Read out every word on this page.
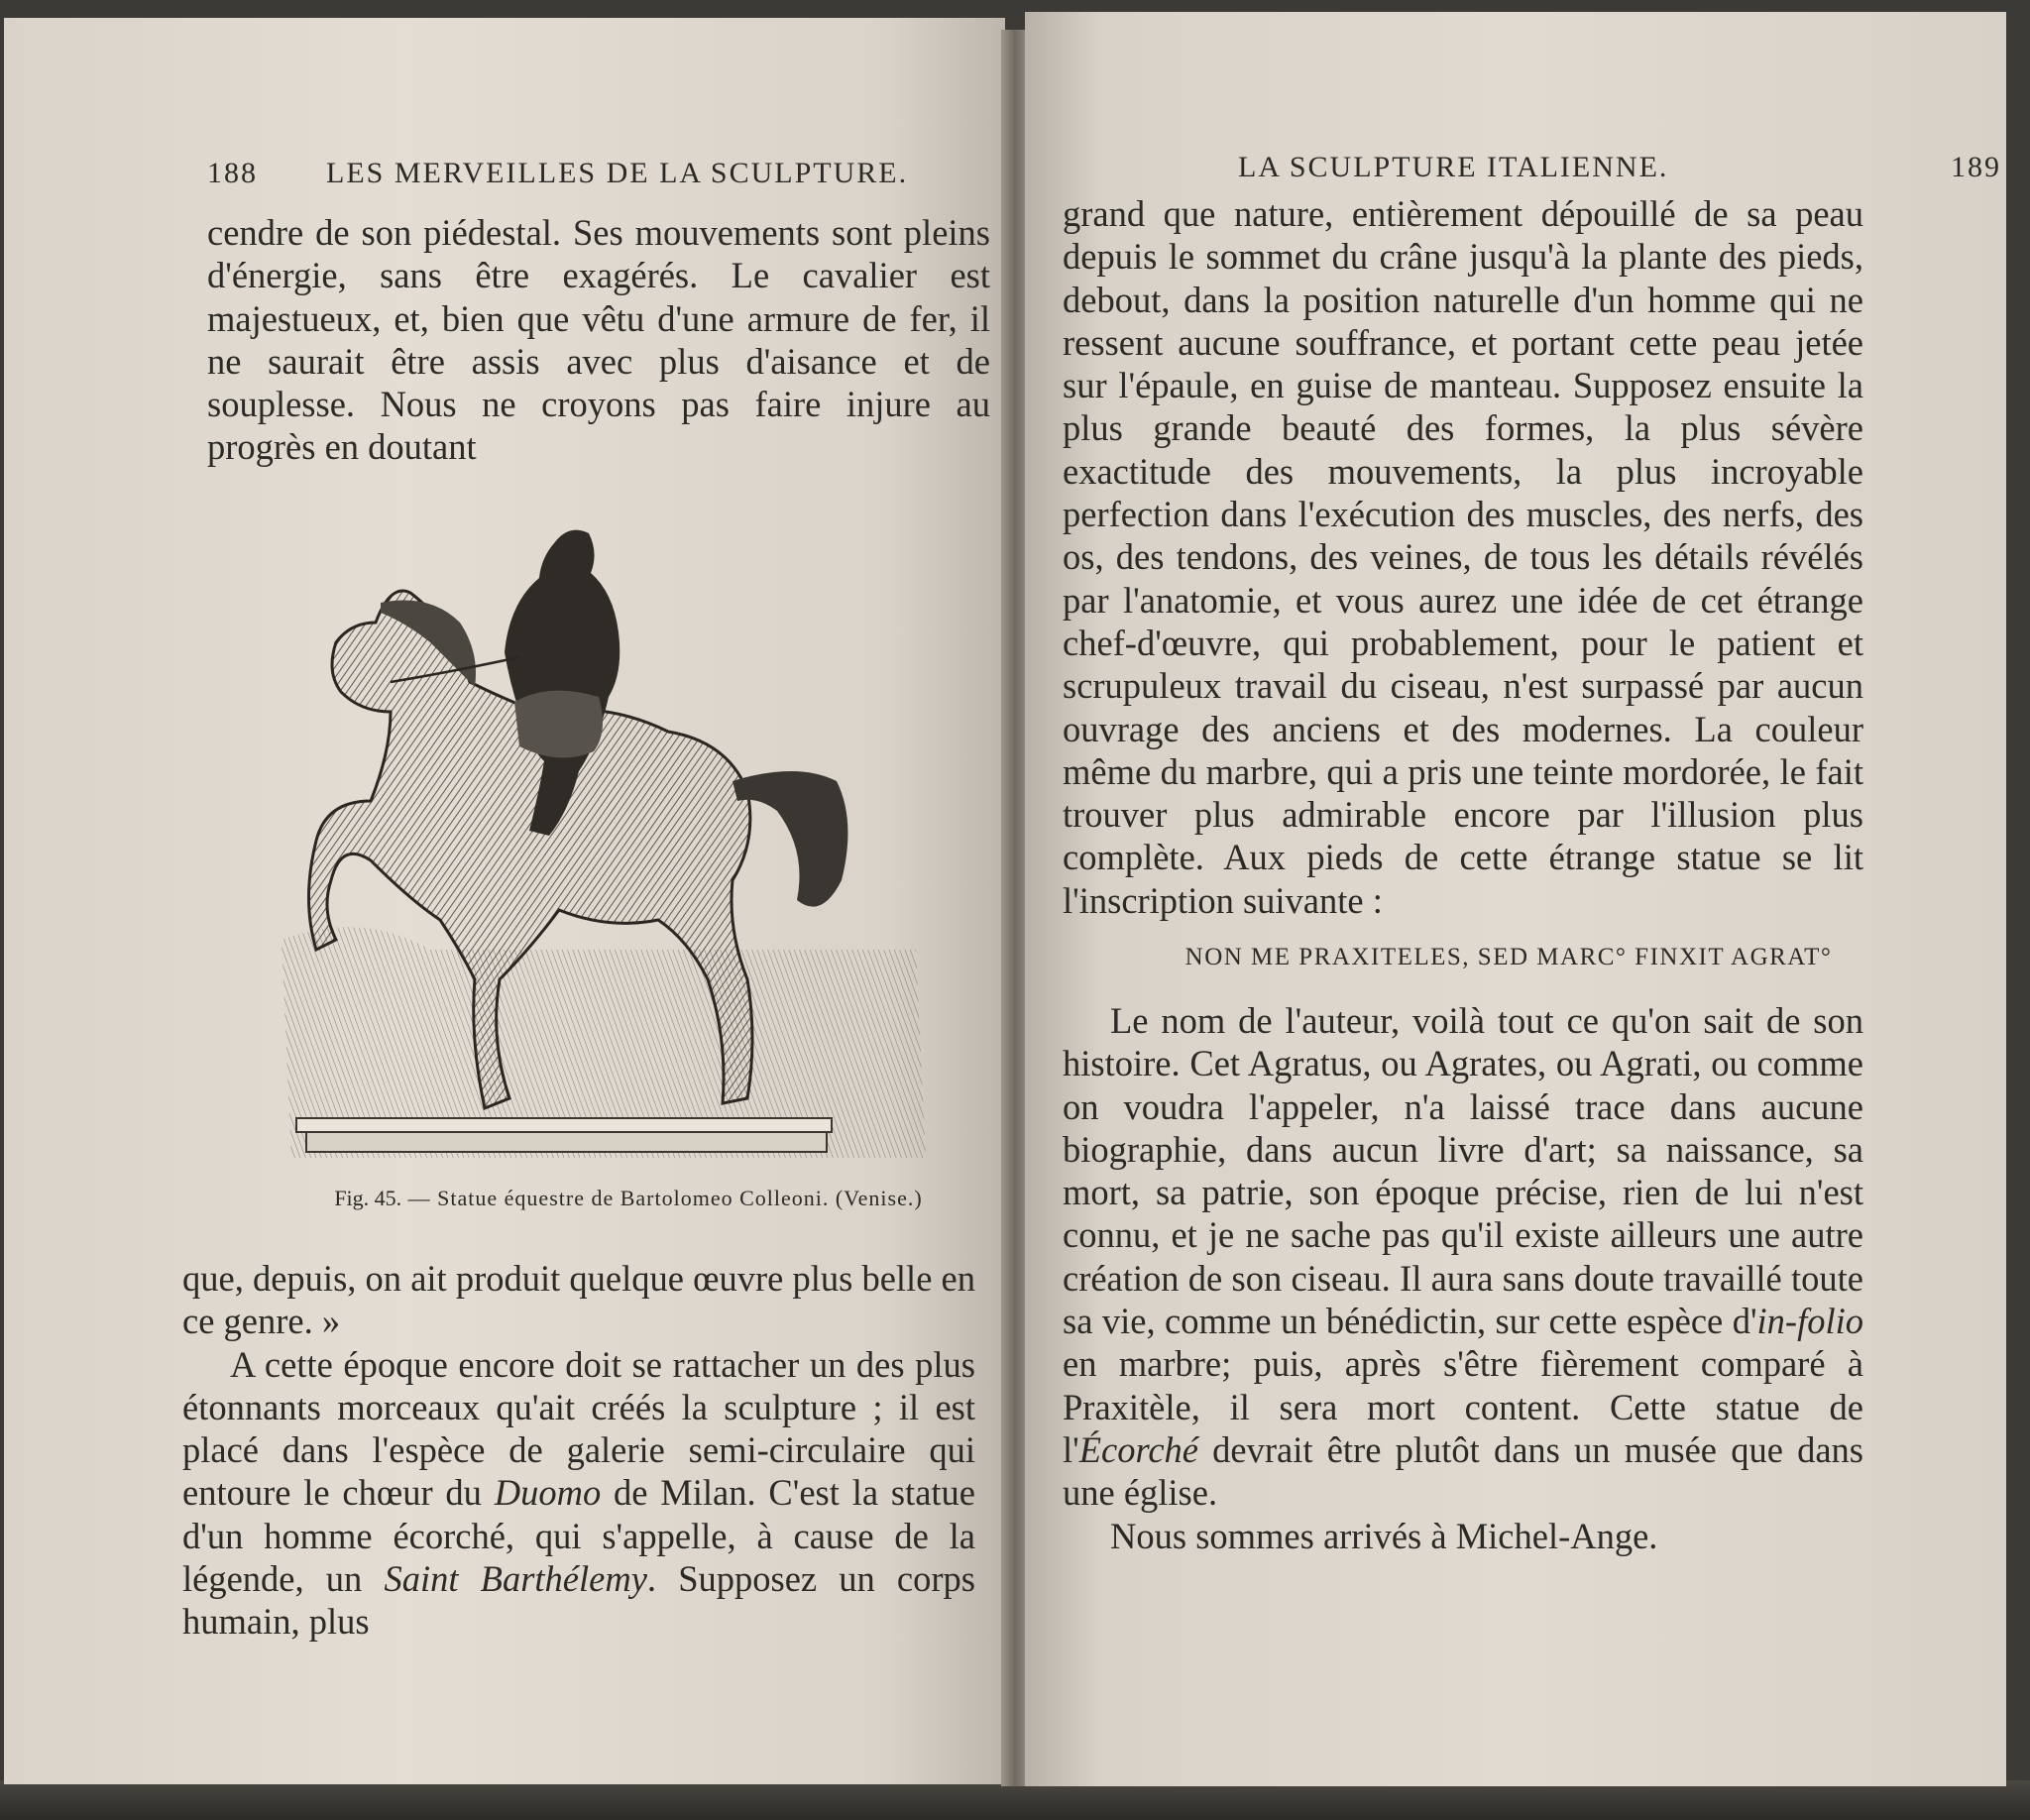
188	LES MERVEILLES DE LA SCULPTURE.

cendre de son piédestal. Ses mouvements sont pleins d'énergie, sans être exagérés. Le cavalier est majestueux, et, bien que vêtu d'une armure de fer, il ne saurait être assis avec plus d'aisance et de souplesse. Nous ne croyons pas faire injure au progrès en doutant

Fig. 45. — Statue équestre de Bartolomeo Colleoni. (Venise.)

que, depuis, on ait produit quelque œuvre plus belle en ce genre. »

A cette époque encore doit se rattacher un des plus étonnants morceaux qu'ait créés la sculpture ; il est placé dans l'espèce de galerie semi-circulaire qui entoure le chœur du Duomo de Milan. C'est la statue d'un homme écorché, qui s'appelle, à cause de la légende, un Saint Barthélemy. Supposez un corps humain, plus

LA SCULPTURE ITALIENNE.	189

grand que nature, entièrement dépouillé de sa peau depuis le sommet du crâne jusqu'à la plante des pieds, debout, dans la position naturelle d'un homme qui ne ressent aucune souffrance, et portant cette peau jetée sur l'épaule, en guise de manteau. Supposez ensuite la plus grande beauté des formes, la plus sévère exactitude des mouvements, la plus incroyable perfection dans l'exécution des muscles, des nerfs, des os, des tendons, des veines, de tous les détails révélés par l'anatomie, et vous aurez une idée de cet étrange chef-d'œuvre, qui probablement, pour le patient et scrupuleux travail du ciseau, n'est surpassé par aucun ouvrage des anciens et des modernes. La couleur même du marbre, qui a pris une teinte mordorée, le fait trouver plus admirable encore par l'illusion plus complète. Aux pieds de cette étrange statue se lit l'inscription suivante :

NON ME PRAXITELES, SED MARC° FINXIT AGRAT°

Le nom de l'auteur, voilà tout ce qu'on sait de son histoire. Cet Agratus, ou Agrates, ou Agrati, ou comme on voudra l'appeler, n'a laissé trace dans aucune biographie, dans aucun livre d'art; sa naissance, sa mort, sa patrie, son époque précise, rien de lui n'est connu, et je ne sache pas qu'il existe ailleurs une autre création de son ciseau. Il aura sans doute travaillé toute sa vie, comme un bénédictin, sur cette espèce d'in-folio en marbre; puis, après s'être fièrement comparé à Praxitèle, il sera mort content. Cette statue de l'Écorché devrait être plutôt dans un musée que dans une église.

Nous sommes arrivés à Michel-Ange.
